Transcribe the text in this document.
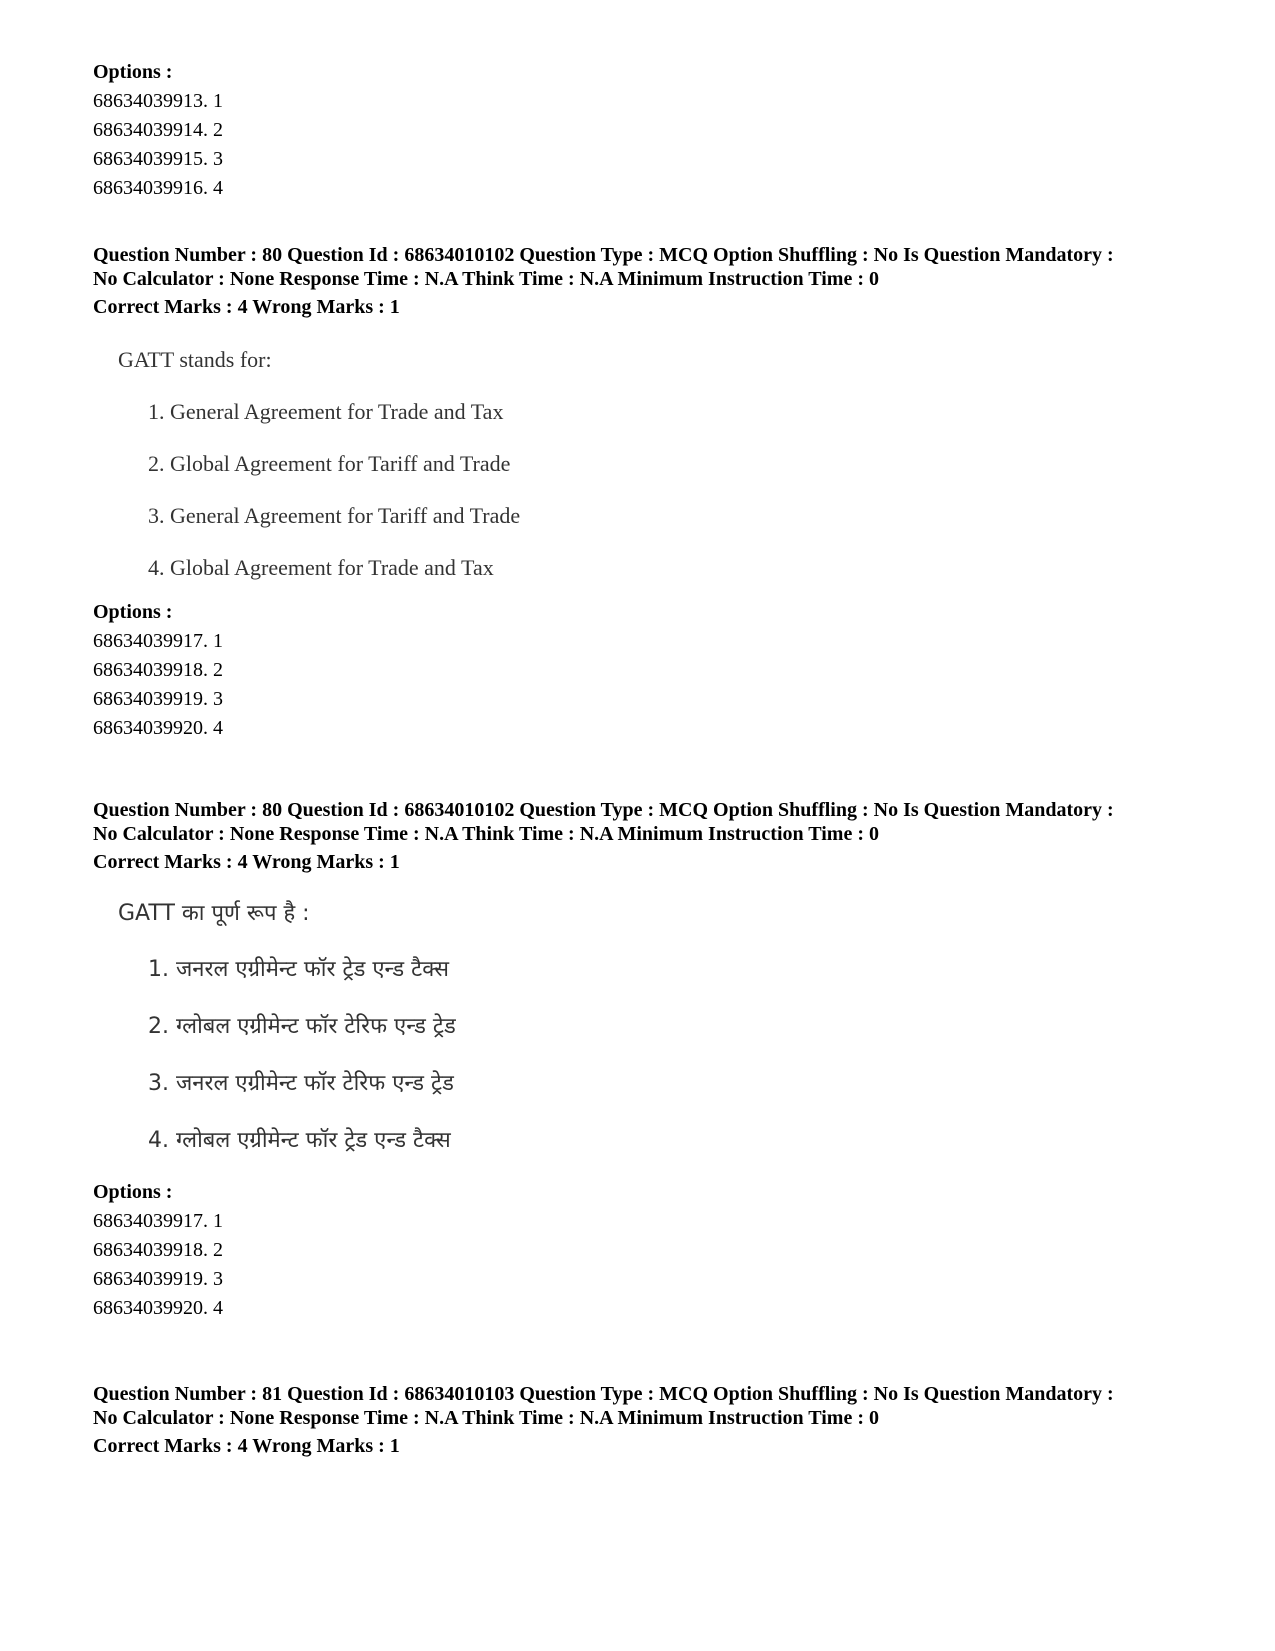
Options :

68634039913. 1

68634039914. 2

68634039915. 3

68634039916. 4

Question Number : 80 Question Id : 68634010102 Question Type : MCQ Option Shuffling : No Is Question Mandatory :

No Calculator : None Response Time : N.A Think Time : N.A Minimum Instruction Time : 0

Correct Marks : 4 Wrong Marks : 1

GATT stands for:

1. General Agreement for Trade and Tax

2. Global Agreement for Tariff and Trade

3. General Agreement for Tariff and Trade

4. Global Agreement for Trade and Tax

Options :

68634039917. 1

68634039918. 2

68634039919. 3

68634039920. 4

Question Number : 80 Question Id : 68634010102 Question Type : MCQ Option Shuffling : No Is Question Mandatory :

No Calculator : None Response Time : N.A Think Time : N.A Minimum Instruction Time : 0

Correct Marks : 4 Wrong Marks : 1

GATT का पूर्ण रूप है :

1. जनरल एग्रीमेन्ट फॉर ट्रेड एन्ड टैक्स

2. ग्लोबल एग्रीमेन्ट फॉर टेरिफ एन्ड ट्रेड

3. जनरल एग्रीमेन्ट फॉर टेरिफ एन्ड ट्रेड

4. ग्लोबल एग्रीमेन्ट फॉर ट्रेड एन्ड टैक्स

Options :

68634039917. 1

68634039918. 2

68634039919. 3

68634039920. 4

Question Number : 81 Question Id : 68634010103 Question Type : MCQ Option Shuffling : No Is Question Mandatory :

No Calculator : None Response Time : N.A Think Time : N.A Minimum Instruction Time : 0

Correct Marks : 4 Wrong Marks : 1
